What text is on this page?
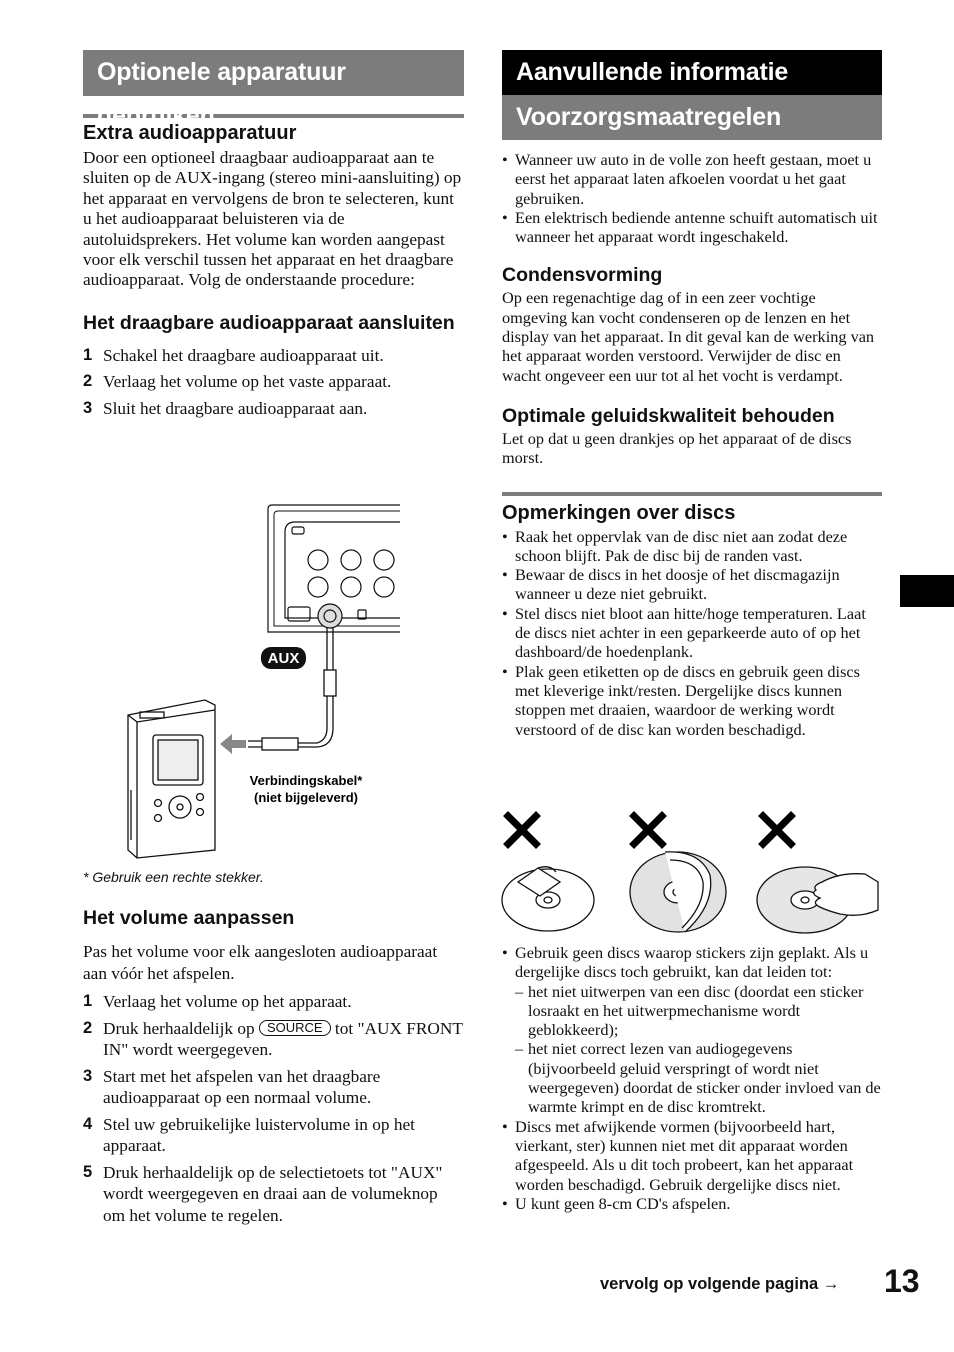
Optionele apparatuur gebruiken
Extra audioapparatuur

Door een optioneel draagbaar audioapparaat aan te sluiten op de AUX-ingang (stereo mini-aansluiting) op het apparaat en vervolgens de bron te selecteren, kunt u het audioapparaat beluisteren via de autoluidsprekers. Het volume kan worden aangepast voor elk verschil tussen het apparaat en het draagbare audioapparaat. Volg de onderstaande procedure:

Het draagbare audioapparaat aansluiten
1 Schakel het draagbare audioapparaat uit.
2 Verlaag het volume op het vaste apparaat.
3 Sluit het draagbare audioapparaat aan.
AUX
Verbindingskabel*
(niet bijgeleverd)
* Gebruik een rechte stekker.
Het volume aanpassen

Pas het volume voor elk aangesloten audioapparaat aan vóór het afspelen.

1 Verlaag het volume op het apparaat.
2 Druk herhaaldelijk op SOURCE tot "AUX FRONT IN" wordt weergegeven.
3 Start met het afspelen van het draagbare audioapparaat op een normaal volume.
4 Stel uw gebruikelijke luistervolume in op het apparaat.
5 Druk herhaaldelijk op de selectietoets tot "AUX" wordt weergegeven en draai aan de volumeknop om het volume te regelen.
Aanvullende informatie
Voorzorgsmaatregelen
• Wanneer uw auto in de volle zon heeft gestaan, moet u eerst het apparaat laten afkoelen voordat u het gaat gebruiken.
• Een elektrisch bediende antenne schuift automatisch uit wanneer het apparaat wordt ingeschakeld.
Condensvorming

Op een regenachtige dag of in een zeer vochtige omgeving kan vocht condenseren op de lenzen en het display van het apparaat. In dit geval kan de werking van het apparaat worden verstoord. Verwijder de disc en wacht ongeveer een uur tot al het vocht is verdampt.

Optimale geluidskwaliteit behouden

Let op dat u geen drankjes op het apparaat of de discs morst.

Opmerkingen over discs
• Raak het oppervlak van de disc niet aan zodat deze schoon blijft. Pak de disc bij de randen vast.
• Bewaar de discs in het doosje of het discmagazijn wanneer u deze niet gebruikt.
• Stel discs niet bloot aan hitte/hoge temperaturen. Laat de discs niet achter in een geparkeerde auto of op het dashboard/de hoedenplank.
• Plak geen etiketten op de discs en gebruik geen discs met kleverige inkt/resten. Dergelijke discs kunnen stoppen met draaien, waardoor de werking wordt verstoord of de disc kan worden beschadigd.
• Gebruik geen discs waarop stickers zijn geplakt. Als u dergelijke discs toch gebruikt, kan dat leiden tot:
– het niet uitwerpen van een disc (doordat een sticker losraakt en het uitwerpmechanisme wordt geblokkeerd);
– het niet correct lezen van audiogegevens (bijvoorbeeld geluid verspringt of wordt niet weergegeven) doordat de sticker onder invloed van de warmte krimpt en de disc kromtrekt.
• Discs met afwijkende vormen (bijvoorbeeld hart, vierkant, ster) kunnen niet met dit apparaat worden afgespeeld. Als u dit toch probeert, kan het apparaat worden beschadigd. Gebruik dergelijke discs niet.
• U kunt geen 8-cm CD's afspelen.
vervolg op volgende pagina → 13
